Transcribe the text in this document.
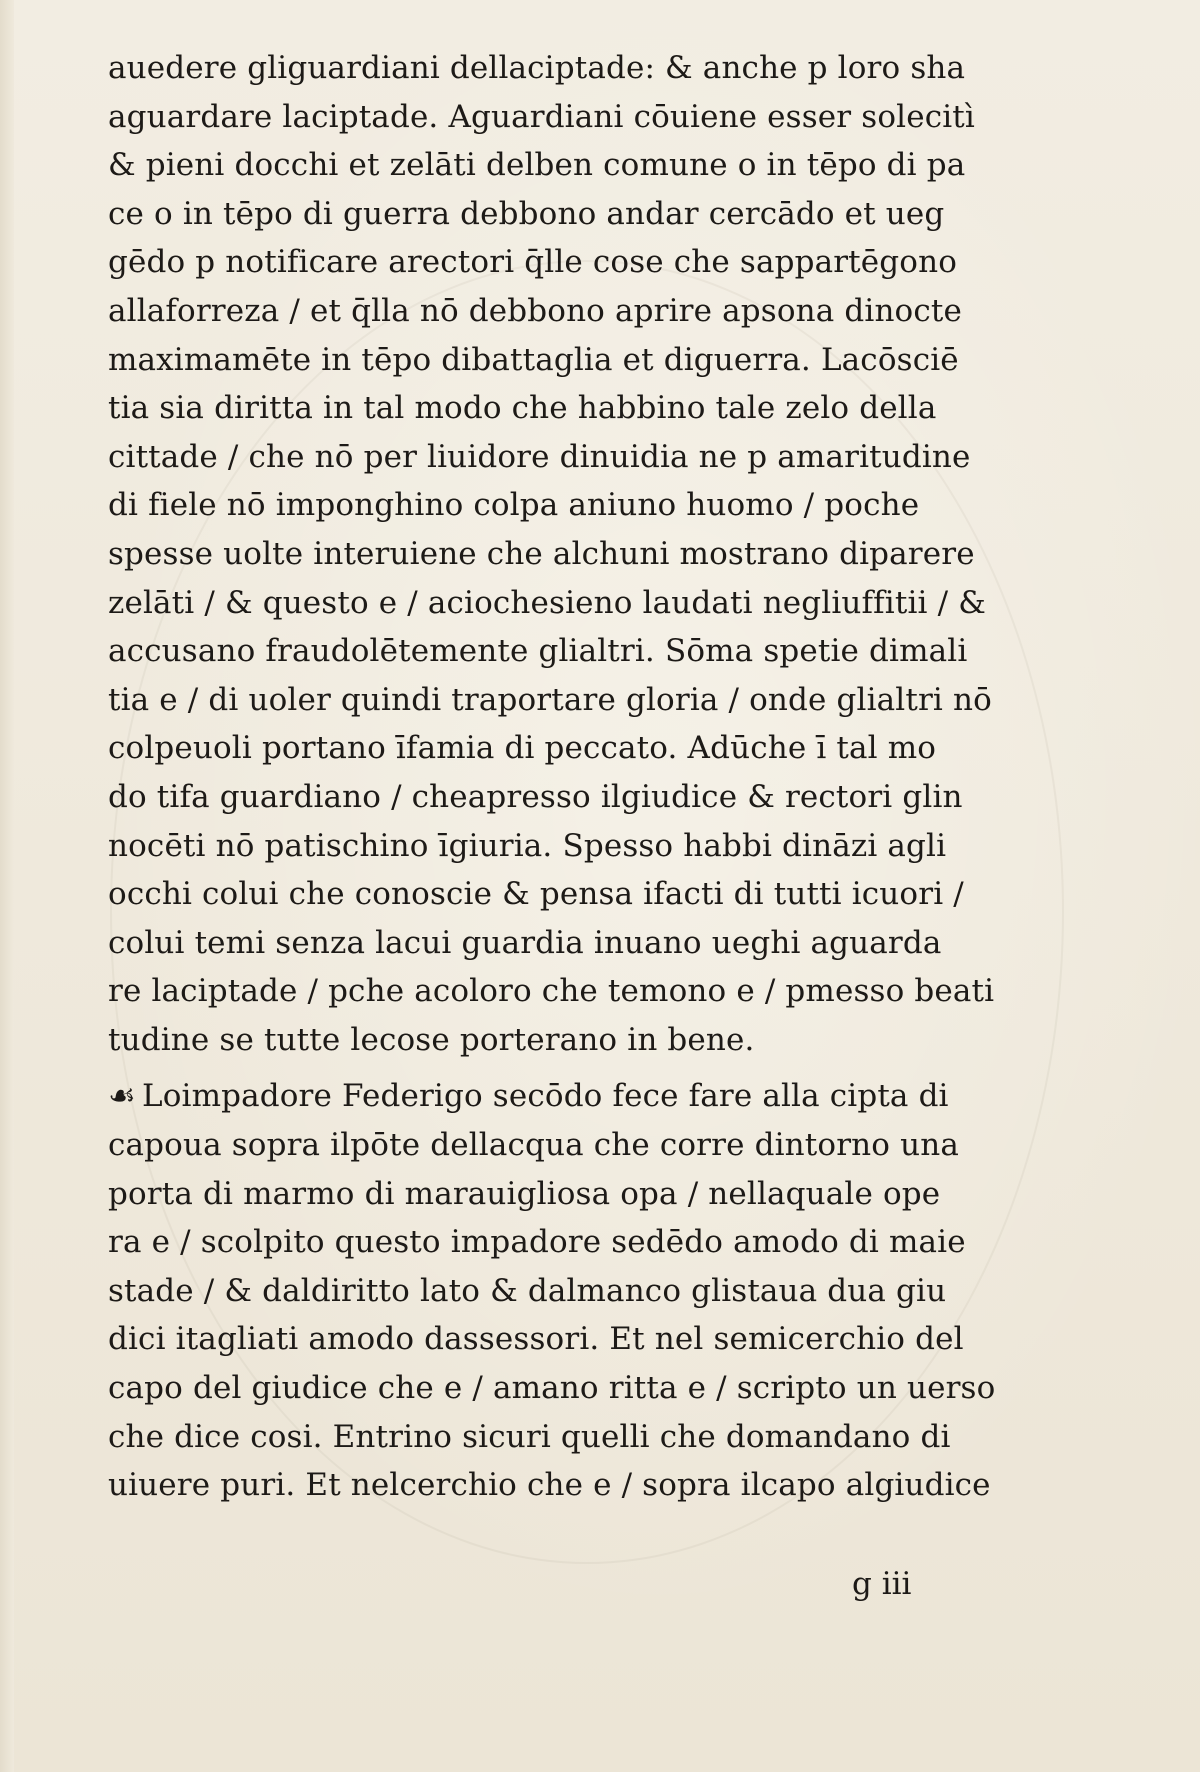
auedere gliguardiani dellaciptade: & anche p loro sha
aguardare laciptade. Aguardiani cōuiene esser solecitì
& pieni docchi et zelāti delben comune o in tēpo di pa
ce o in tēpo di guerra debbono andar cercādo et ueg
gēdo p notificare arectori q̄lle cose che sappartēgono
allaforreza / et q̄lla nō debbono aprire apsona dinocte
maximamēte in tēpo dibattaglia et diguerra. Lacōsciē
tia sia diritta in tal modo che habbino tale zelo della
cittade / che nō per liuidore dinuidia ne p amaritudine
di fiele nō imponghino colpa aniuno huomo / poche
spesse uolte interuiene che alchuni mostrano diparere
zelāti / & questo e / aciochesieno laudati negliuffitii / &
accusano fraudolētemente glialtri. Sōma spetie dimali
tia e / di uoler quindi traportare gloria / onde glialtri nō
colpeuoli portano īfamia di peccato. Adūche ī tal mo
do tifa guardiano / cheapresso ilgiudice & rectori glin
nocēti nō patischino īgiuria. Spesso habbi dināzi agli
occhi colui che conoscie & pensa ifacti di tutti icuori /
colui temi senza lacui guardia inuano ueghi aguarda
re laciptade / pche acoloro che temono e / pmesso beati
tudine se tutte lecose porterano in bene.
☙ Loimpadore Federigo secōdo fece fare alla cipta di
capoua sopra ilpōte dellacqua che corre dintorno una
porta di marmo di marauigliosa opa / nellaquale ope
ra e / scolpito questo impadore sedēdo amodo di maie
stade / & daldiritto lato & dalmanco glistaua dua giu
dici itagliati amodo dassessori. Et nel semicerchio del
capo del giudice che e / amano ritta e / scripto un uerso
che dice cosi. Entrino sicuri quelli che domandano di
uiuere puri. Et nelcerchio che e / sopra ilcapo algiudice
g iii
